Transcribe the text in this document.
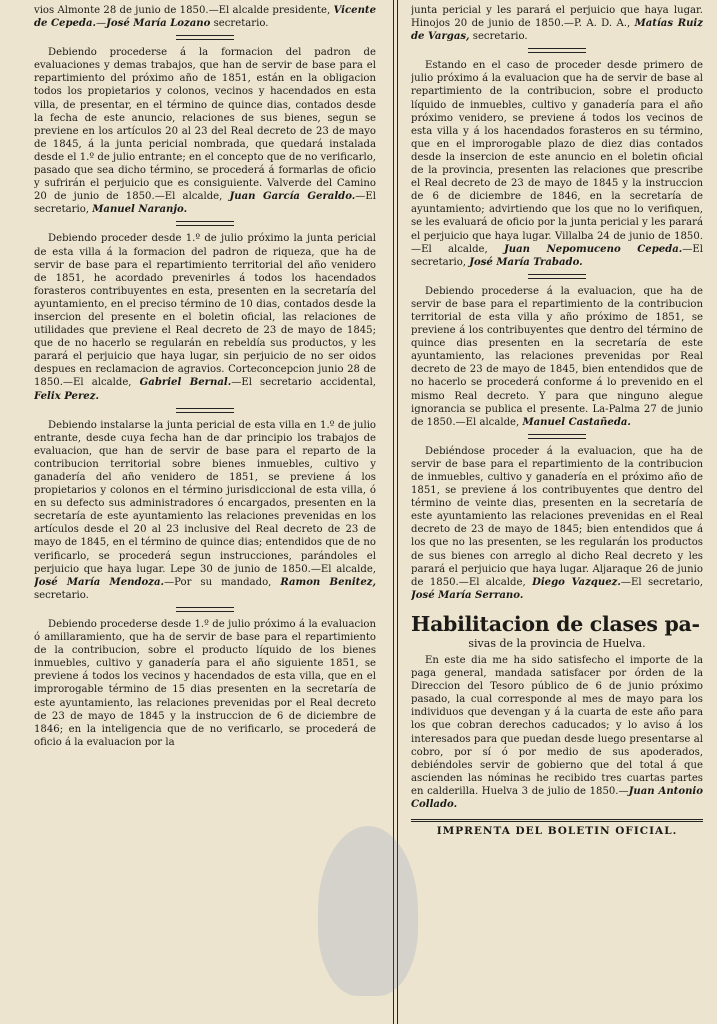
vios Almonte 28 de junio de 1850.—El alcalde presidente, Vicente de Cepeda.—José María Lozano secretario.

Debiendo procederse á la formacion del padron de evaluaciones y demas trabajos, que han de servir de base para el repartimiento del próximo año de 1851, están en la obligacion todos los propietarios y colonos, vecinos y hacendados en esta villa, de presentar, en el término de quince dias, contados desde la fecha de este anuncio, relaciones de sus bienes, segun se previene en los artículos 20 al 23 del Real decreto de 23 de mayo de 1845, á la junta pericial nombrada, que quedará instalada desde el 1.º de julio entrante; en el concepto que de no verificarlo, pasado que sea dicho término, se procederá á formarlas de oficio y sufrirán el perjuicio que es consiguiente. Valverde del Camino 20 de junio de 1850.—El alcalde, Juan García Geraldo.—El secretario, Manuel Naranjo.

Debiendo proceder desde 1.º de julio próximo la junta pericial de esta villa á la formacion del padron de riqueza, que ha de servir de base para el repartimiento territorial del año venidero de 1851, he acordado prevenirles á todos los hacendados forasteros contribuyentes en esta, presenten en la secretaría del ayuntamiento, en el preciso término de 10 dias, contados desde la insercion del presente en el boletin oficial, las relaciones de utilidades que previene el Real decreto de 23 de mayo de 1845; que de no hacerlo se regularán en rebeldía sus productos, y les parará el perjuicio que haya lugar, sin perjuicio de no ser oidos despues en reclamacion de agravios. Corteconcepcion junio 28 de 1850.—El alcalde, Gabriel Bernal.—El secretario accidental, Felix Perez.

Debiendo instalarse la junta pericial de esta villa en 1.º de julio entrante, desde cuya fecha han de dar principio los trabajos de evaluacion, que han de servir de base para el reparto de la contribucion territorial sobre bienes inmuebles, cultivo y ganadería del año venidero de 1851, se previene á los propietarios y colonos en el término jurisdiccional de esta villa, ó en su defecto sus administradores ó encargados, presenten en la secretaría de este ayuntamiento las relaciones prevenidas en los artículos desde el 20 al 23 inclusive del Real decreto de 23 de mayo de 1845, en el término de quince dias; entendidos que de no verificarlo, se procederá segun instrucciones, parándoles el perjuicio que haya lugar. Lepe 30 de junio de 1850.—El alcalde, José María Mendoza.—Por su mandado, Ramon Benitez, secretario.

Debiendo procederse desde 1.º de julio próximo á la evaluacion ó amillaramiento, que ha de servir de base para el repartimiento de la contribucion, sobre el producto líquido de los bienes inmuebles, cultivo y ganadería para el año siguiente 1851, se previene á todos los vecinos y hacendados de esta villa, que en el improrogable término de 15 dias presenten en la secretaría de este ayuntamiento, las relaciones prevenidas por el Real decreto de 23 de mayo de 1845 y la instruccion de 6 de diciembre de 1846; en la inteligencia que de no verificarlo, se procederá de oficio á la evaluacion por la

junta pericial y les parará el perjuicio que haya lugar. Hinojos 20 de junio de 1850.—P. A. D. A., Matías Ruiz de Vargas, secretario.

Estando en el caso de proceder desde primero de julio próximo á la evaluacion que ha de servir de base al repartimiento de la contribucion, sobre el producto líquido de inmuebles, cultivo y ganadería para el año próximo venidero, se previene á todos los vecinos de esta villa y á los hacendados forasteros en su término, que en el improrogable plazo de diez dias contados desde la insercion de este anuncio en el boletin oficial de la provincia, presenten las relaciones que prescribe el Real decreto de 23 de mayo de 1845 y la instruccion de 6 de diciembre de 1846, en la secretaría de ayuntamiento; advirtiendo que los que no lo verifiquen, se les evaluará de oficio por la junta pericial y les parará el perjuicio que haya lugar. Villalba 24 de junio de 1850.—El alcalde, Juan Nepomuceno Cepeda.—El secretario, José María Trabado.

Debiendo procederse á la evaluacion, que ha de servir de base para el repartimiento de la contribucion territorial de esta villa y año próximo de 1851, se previene á los contribuyentes que dentro del término de quince dias presenten en la secretaría de este ayuntamiento, las relaciones prevenidas por Real decreto de 23 de mayo de 1845, bien entendidos que de no hacerlo se procederá conforme á lo prevenido en el mismo Real decreto. Y para que ninguno alegue ignorancia se publica el presente. La-Palma 27 de junio de 1850.—El alcalde, Manuel Castañeda.

Debiéndose proceder á la evaluacion, que ha de servir de base para el repartimiento de la contribucion de inmuebles, cultivo y ganadería en el próximo año de 1851, se previene á los contribuyentes que dentro del término de veinte dias, presenten en la secretaría de este ayuntamiento las relaciones prevenidas en el Real decreto de 23 de mayo de 1845; bien entendidos que á los que no las presenten, se les regularán los productos de sus bienes con arreglo al dicho Real decreto y les parará el perjuicio que haya lugar. Aljaraque 26 de junio de 1850.—El alcalde, Diego Vazquez.—El secretario, José María Serrano.

Habilitacion de clases pa-

sivas de la provincia de Huelva.

En este dia me ha sido satisfecho el importe de la paga general, mandada satisfacer por órden de la Direccion del Tesoro público de 6 de junio próximo pasado, la cual corresponde al mes de mayo para los individuos que devengan y á la cuarta de este año para los que cobran derechos caducados; y lo aviso á los interesados para que puedan desde luego presentarse al cobro, por sí ó por medio de sus apoderados, debiéndoles servir de gobierno que del total á que ascienden las nóminas he recibido tres cuartas partes en calderilla. Huelva 3 de julio de 1850.—Juan Antonio Collado.

IMPRENTA DEL BOLETIN OFICIAL.
